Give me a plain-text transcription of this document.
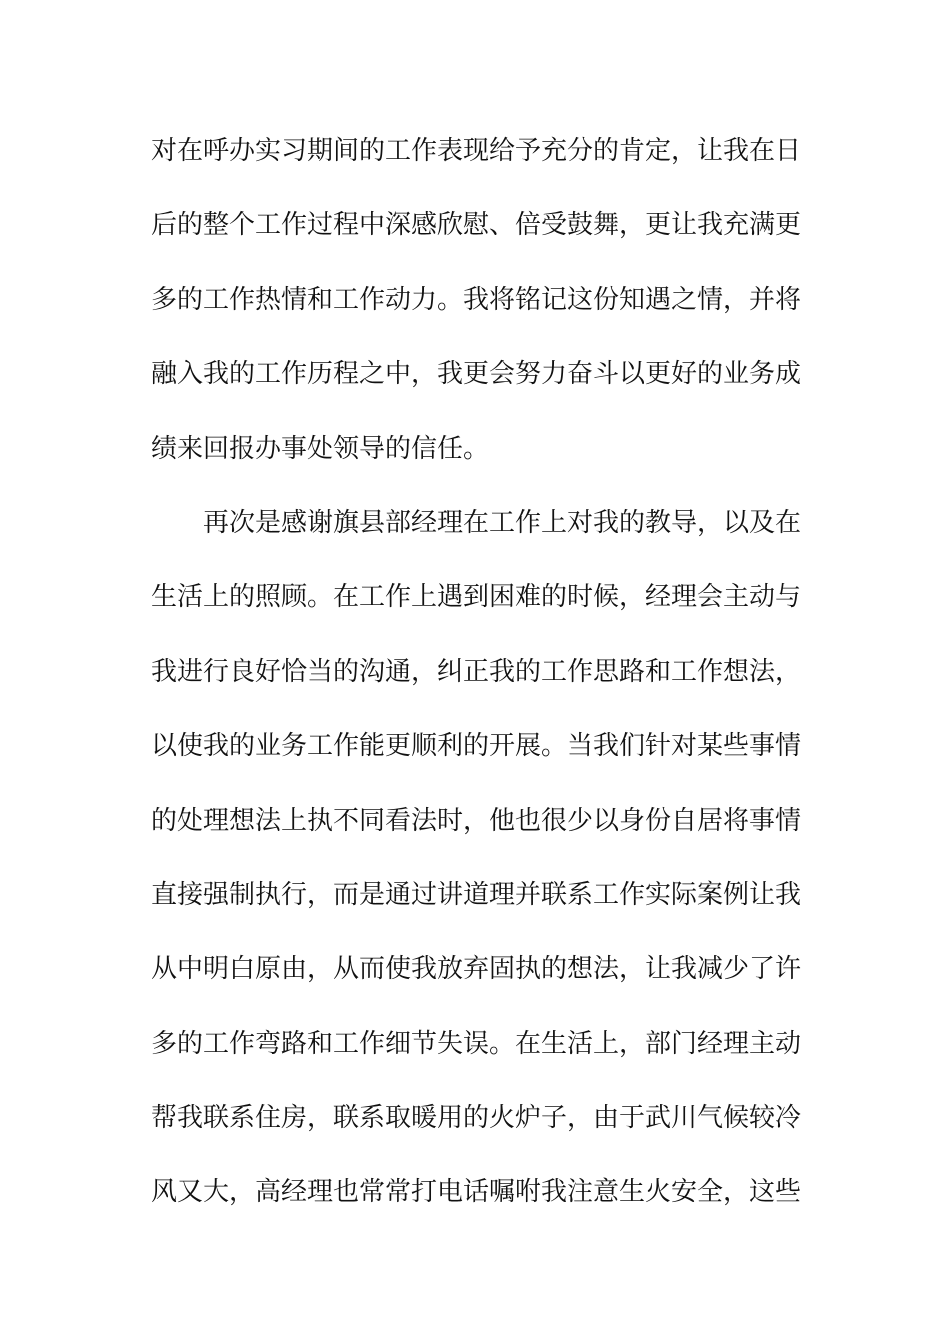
对在呼办实习期间的工作表现给予充分的肯定，让我在日
后的整个工作过程中深感欣慰、倍受鼓舞，更让我充满更
多的工作热情和工作动力。我将铭记这份知遇之情，并将
融入我的工作历程之中，我更会努力奋斗以更好的业务成
绩来回报办事处领导的信任。
再次是感谢旗县部经理在工作上对我的教导，以及在
生活上的照顾。在工作上遇到困难的时候，经理会主动与
我进行良好恰当的沟通，纠正我的工作思路和工作想法，
以使我的业务工作能更顺利的开展。当我们针对某些事情
的处理想法上执不同看法时，他也很少以身份自居将事情
直接强制执行，而是通过讲道理并联系工作实际案例让我
从中明白原由，从而使我放弃固执的想法，让我减少了许
多的工作弯路和工作细节失误。在生活上，部门经理主动
帮我联系住房，联系取暖用的火炉子，由于武川气候较冷
风又大，高经理也常常打电话嘱咐我注意生火安全，这些
